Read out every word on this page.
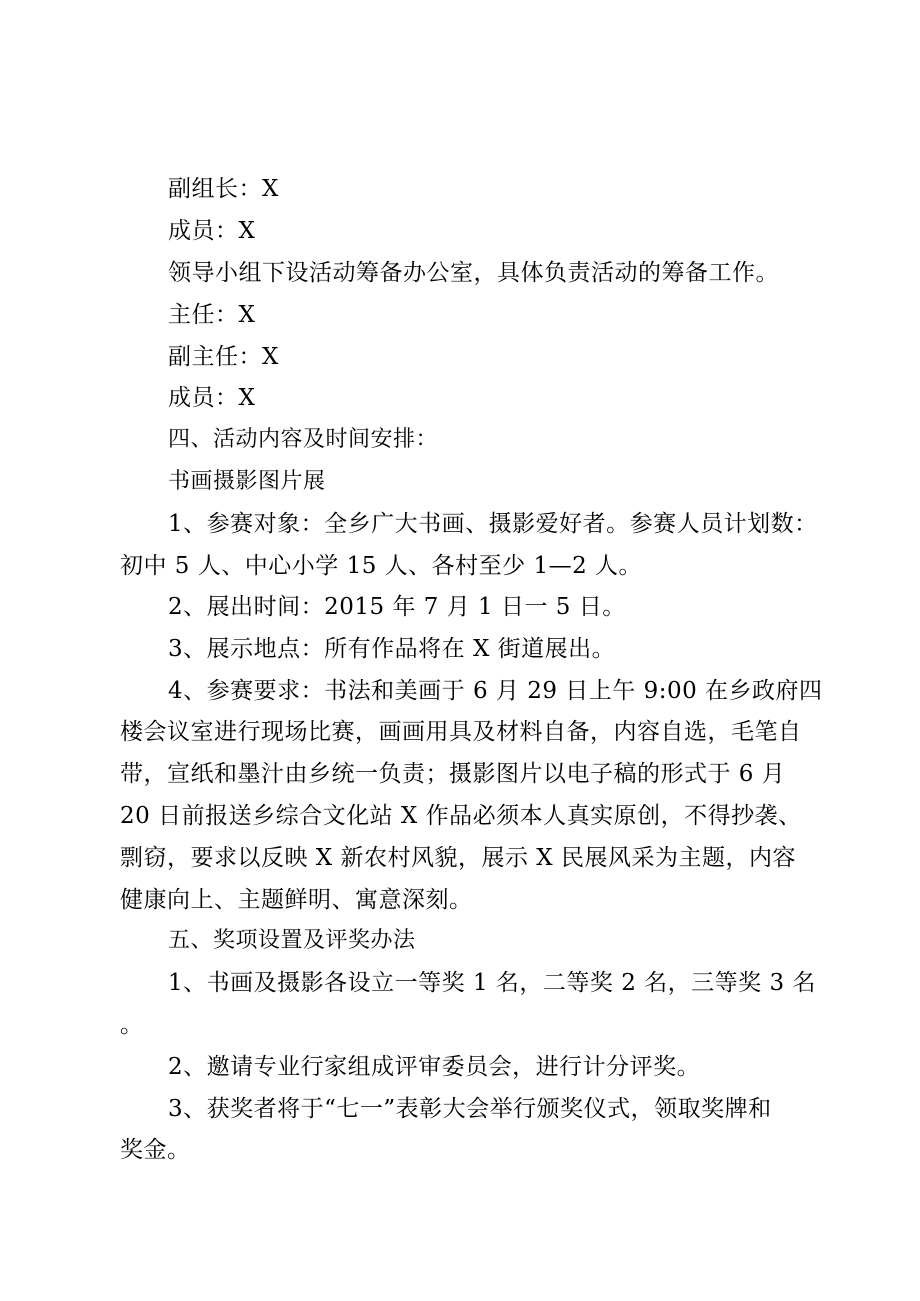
副组长：X
成员：X
领导小组下设活动筹备办公室，具体负责活动的筹备工作。
主任：X
副主任：X
成员：X
四、活动内容及时间安排：
书画摄影图片展
1、参赛对象：全乡广大书画、摄影爱好者。参赛人员计划数：
初中 5 人、中心小学 15 人、各村至少 1—2 人。
2、展出时间：2015 年 7 月 1 日一 5 日。
3、展示地点：所有作品将在 X 街道展出。
4、参赛要求：书法和美画于 6 月 29 日上午 9:00 在乡政府四
楼会议室进行现场比赛，画画用具及材料自备，内容自选，毛笔自
带，宣纸和墨汁由乡统一负责；摄影图片以电子稿的形式于 6 月
20 日前报送乡综合文化站 X 作品必须本人真实原创，不得抄袭、
剽窃，要求以反映 X 新农村风貌，展示 X 民展风采为主题，内容
健康向上、主题鲜明、寓意深刻。
五、奖项设置及评奖办法
1、书画及摄影各设立一等奖 1 名，二等奖 2 名，三等奖 3 名
。
2、邀请专业行家组成评审委员会，进行计分评奖。
3、获奖者将于“七一”表彰大会举行颁奖仪式，领取奖牌和
奖金。
